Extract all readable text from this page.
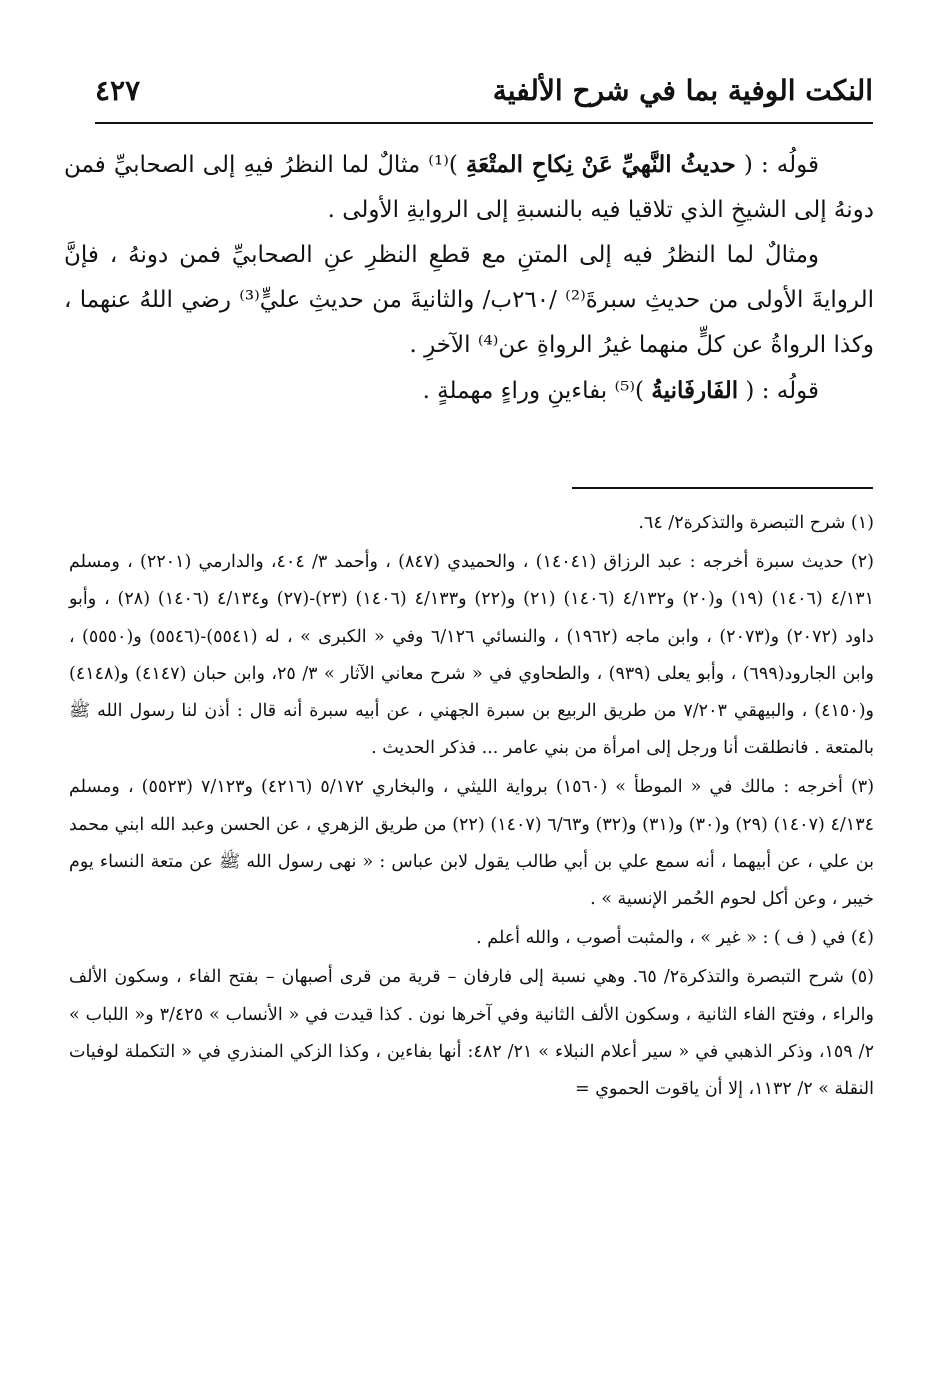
النكت الوفية بما في شرح الألفية
٤٢٧

قولُه : ( حديثُ النَّهيِّ عَنْ نِكاحِ المتْعَةِ )⁽¹⁾ مثالٌ لما النظرُ فيهِ إلى الصحابيِّ فمن دونهُ إلى الشيخِ الذي تلاقيا فيه بالنسبةِ إلى الروايةِ الأولى .

ومثالٌ لما النظرُ فيه إلى المتنِ مع قطعِ النظرِ عنِ الصحابيِّ فمن دونهُ ، فإنَّ الروايةَ الأولى من حديثِ سبرةَ⁽²⁾ /٢٦٠ب/ والثانيةَ من حديثِ عليٍّ⁽³⁾ رضي اللهُ عنهما ، وكذا الرواةُ عن كلٍّ منهما غيرُ الرواةِ عن⁽⁴⁾ الآخرِ .

قولُه : ( الفَارفَانيةُ )⁽⁵⁾ بفاءينِ وراءٍ مهملةٍ .

(١) شرح التبصرة والتذكرة٢/ ٦٤.

(٢) حديث سبرة أخرجه : عبد الرزاق (١٤٠٤١) ، والحميدي (٨٤٧) ، وأحمد ٣/ ٤٠٤، والدارمي (٢٢٠١) ، ومسلم ٤/١٣١ (١٤٠٦) (١٩) و(٢٠) و٤/١٣٢ (١٤٠٦) (٢١) و(٢٢) و٤/١٣٣ (١٤٠٦) (٢٣)-(٢٧) و٤/١٣٤ (١٤٠٦) (٢٨) ، وأبو داود (٢٠٧٢) و(٢٠٧٣) ، وابن ماجه (١٩٦٢) ، والنسائي ٦/١٢٦ وفي « الكبرى » ، له (٥٥٤١)-(٥٥٤٦) و(٥٥٥٠) ، وابن الجارود(٦٩٩) ، وأبو يعلى (٩٣٩) ، والطحاوي في « شرح معاني الآثار » ٣/ ٢٥، وابن حبان (٤١٤٧) و(٤١٤٨) و(٤١٥٠) ، والبيهقي ٧/٢٠٣ من طريق الربيع بن سبرة الجهني ، عن أبيه سبرة أنه قال : أذن لنا رسول الله ﷺ بالمتعة . فانطلقت أنا ورجل إلى امرأة من بني عامر ... فذكر الحديث .

(٣) أخرجه : مالك في « الموطأ » (١٥٦٠) برواية الليثي ، والبخاري ٥/١٧٢ (٤٢١٦) و٧/١٢٣ (٥٥٢٣) ، ومسلم ٤/١٣٤ (١٤٠٧) (٢٩) و(٣٠) و(٣١) و(٣٢) و٦/٦٣ (١٤٠٧) (٢٢) من طريق الزهري ، عن الحسن وعبد الله ابني محمد بن علي ، عن أبيهما ، أنه سمع علي بن أبي طالب يقول لابن عباس : « نهى رسول الله ﷺ عن متعة النساء يوم خيبر ، وعن أكل لحوم الحُمر الإنسية » .

(٤) في ( ف ) : « غير » ، والمثبت أصوب ، والله أعلم .

(٥) شرح التبصرة والتذكرة٢/ ٦٥. وهي نسبة إلى فارفان – قرية من قرى أصبهان – بفتح الفاء ، وسكون الألف والراء ، وفتح الفاء الثانية ، وسكون الألف الثانية وفي آخرها نون . كذا قيدت في « الأنساب » ٣/٤٢٥ و« اللباب » ٢/ ١٥٩، وذكر الذهبي في « سير أعلام النبلاء » ٢١/ ٤٨٢: أنها بفاءين ، وكذا الزكي المنذري في « التكملة لوفيات النقلة » ٢/ ١١٣٢، إلا أن ياقوت الحموي =
